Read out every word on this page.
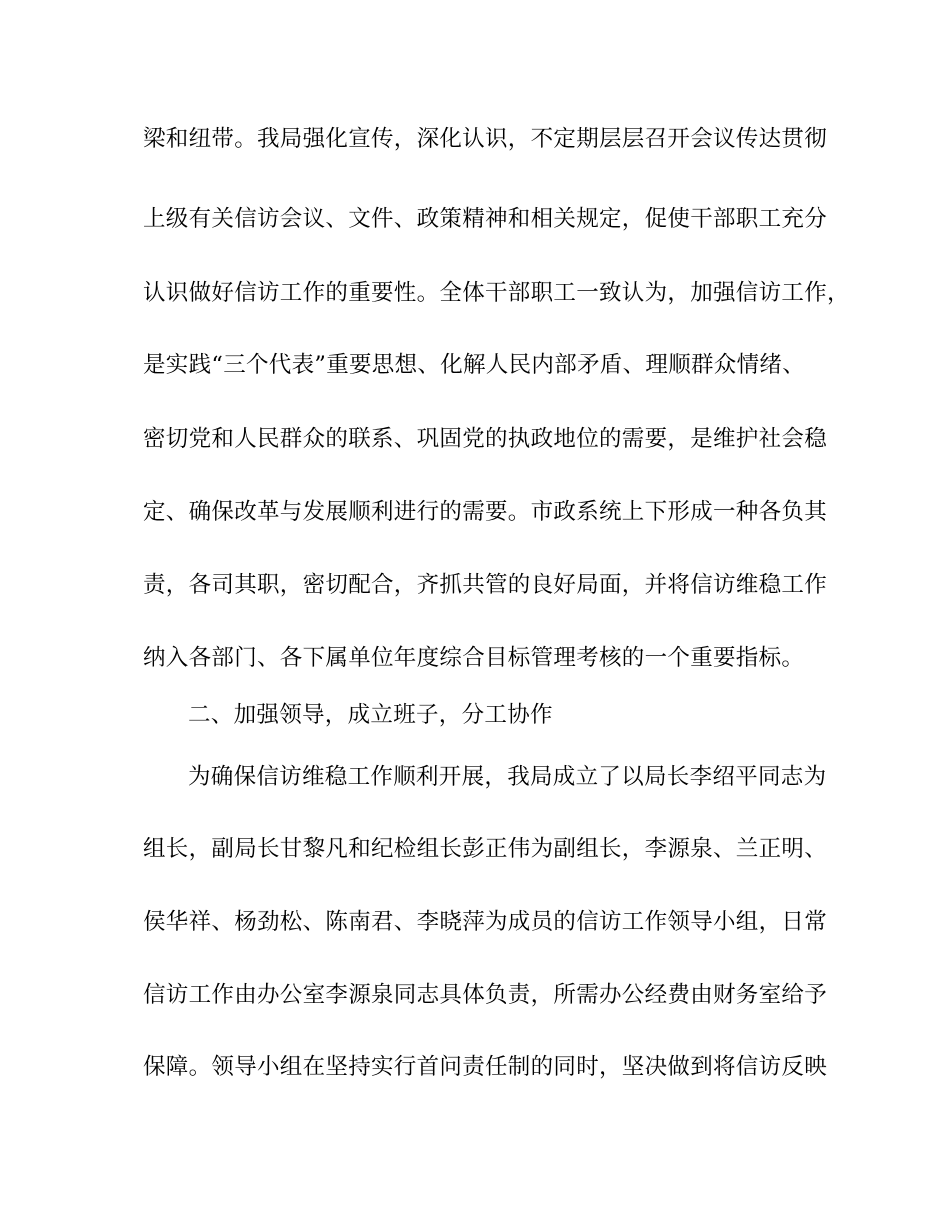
梁和纽带。我局强化宣传，深化认识，不定期层层召开会议传达贯彻
上级有关信访会议、文件、政策精神和相关规定，促使干部职工充分
认识做好信访工作的重要性。全体干部职工一致认为，加强信访工作，
是实践“三个代表”重要思想、化解人民内部矛盾、理顺群众情绪、
密切党和人民群众的联系、巩固党的执政地位的需要，是维护社会稳
定、确保改革与发展顺利进行的需要。市政系统上下形成一种各负其
责，各司其职，密切配合，齐抓共管的良好局面，并将信访维稳工作
纳入各部门、各下属单位年度综合目标管理考核的一个重要指标。
二、加强领导，成立班子，分工协作
为确保信访维稳工作顺利开展，我局成立了以局长李绍平同志为
组长，副局长甘黎凡和纪检组长彭正伟为副组长，李源泉、兰正明、
侯华祥、杨劲松、陈南君、李晓萍为成员的信访工作领导小组，日常
信访工作由办公室李源泉同志具体负责，所需办公经费由财务室给予
保障。领导小组在坚持实行首问责任制的同时，坚决做到将信访反映
